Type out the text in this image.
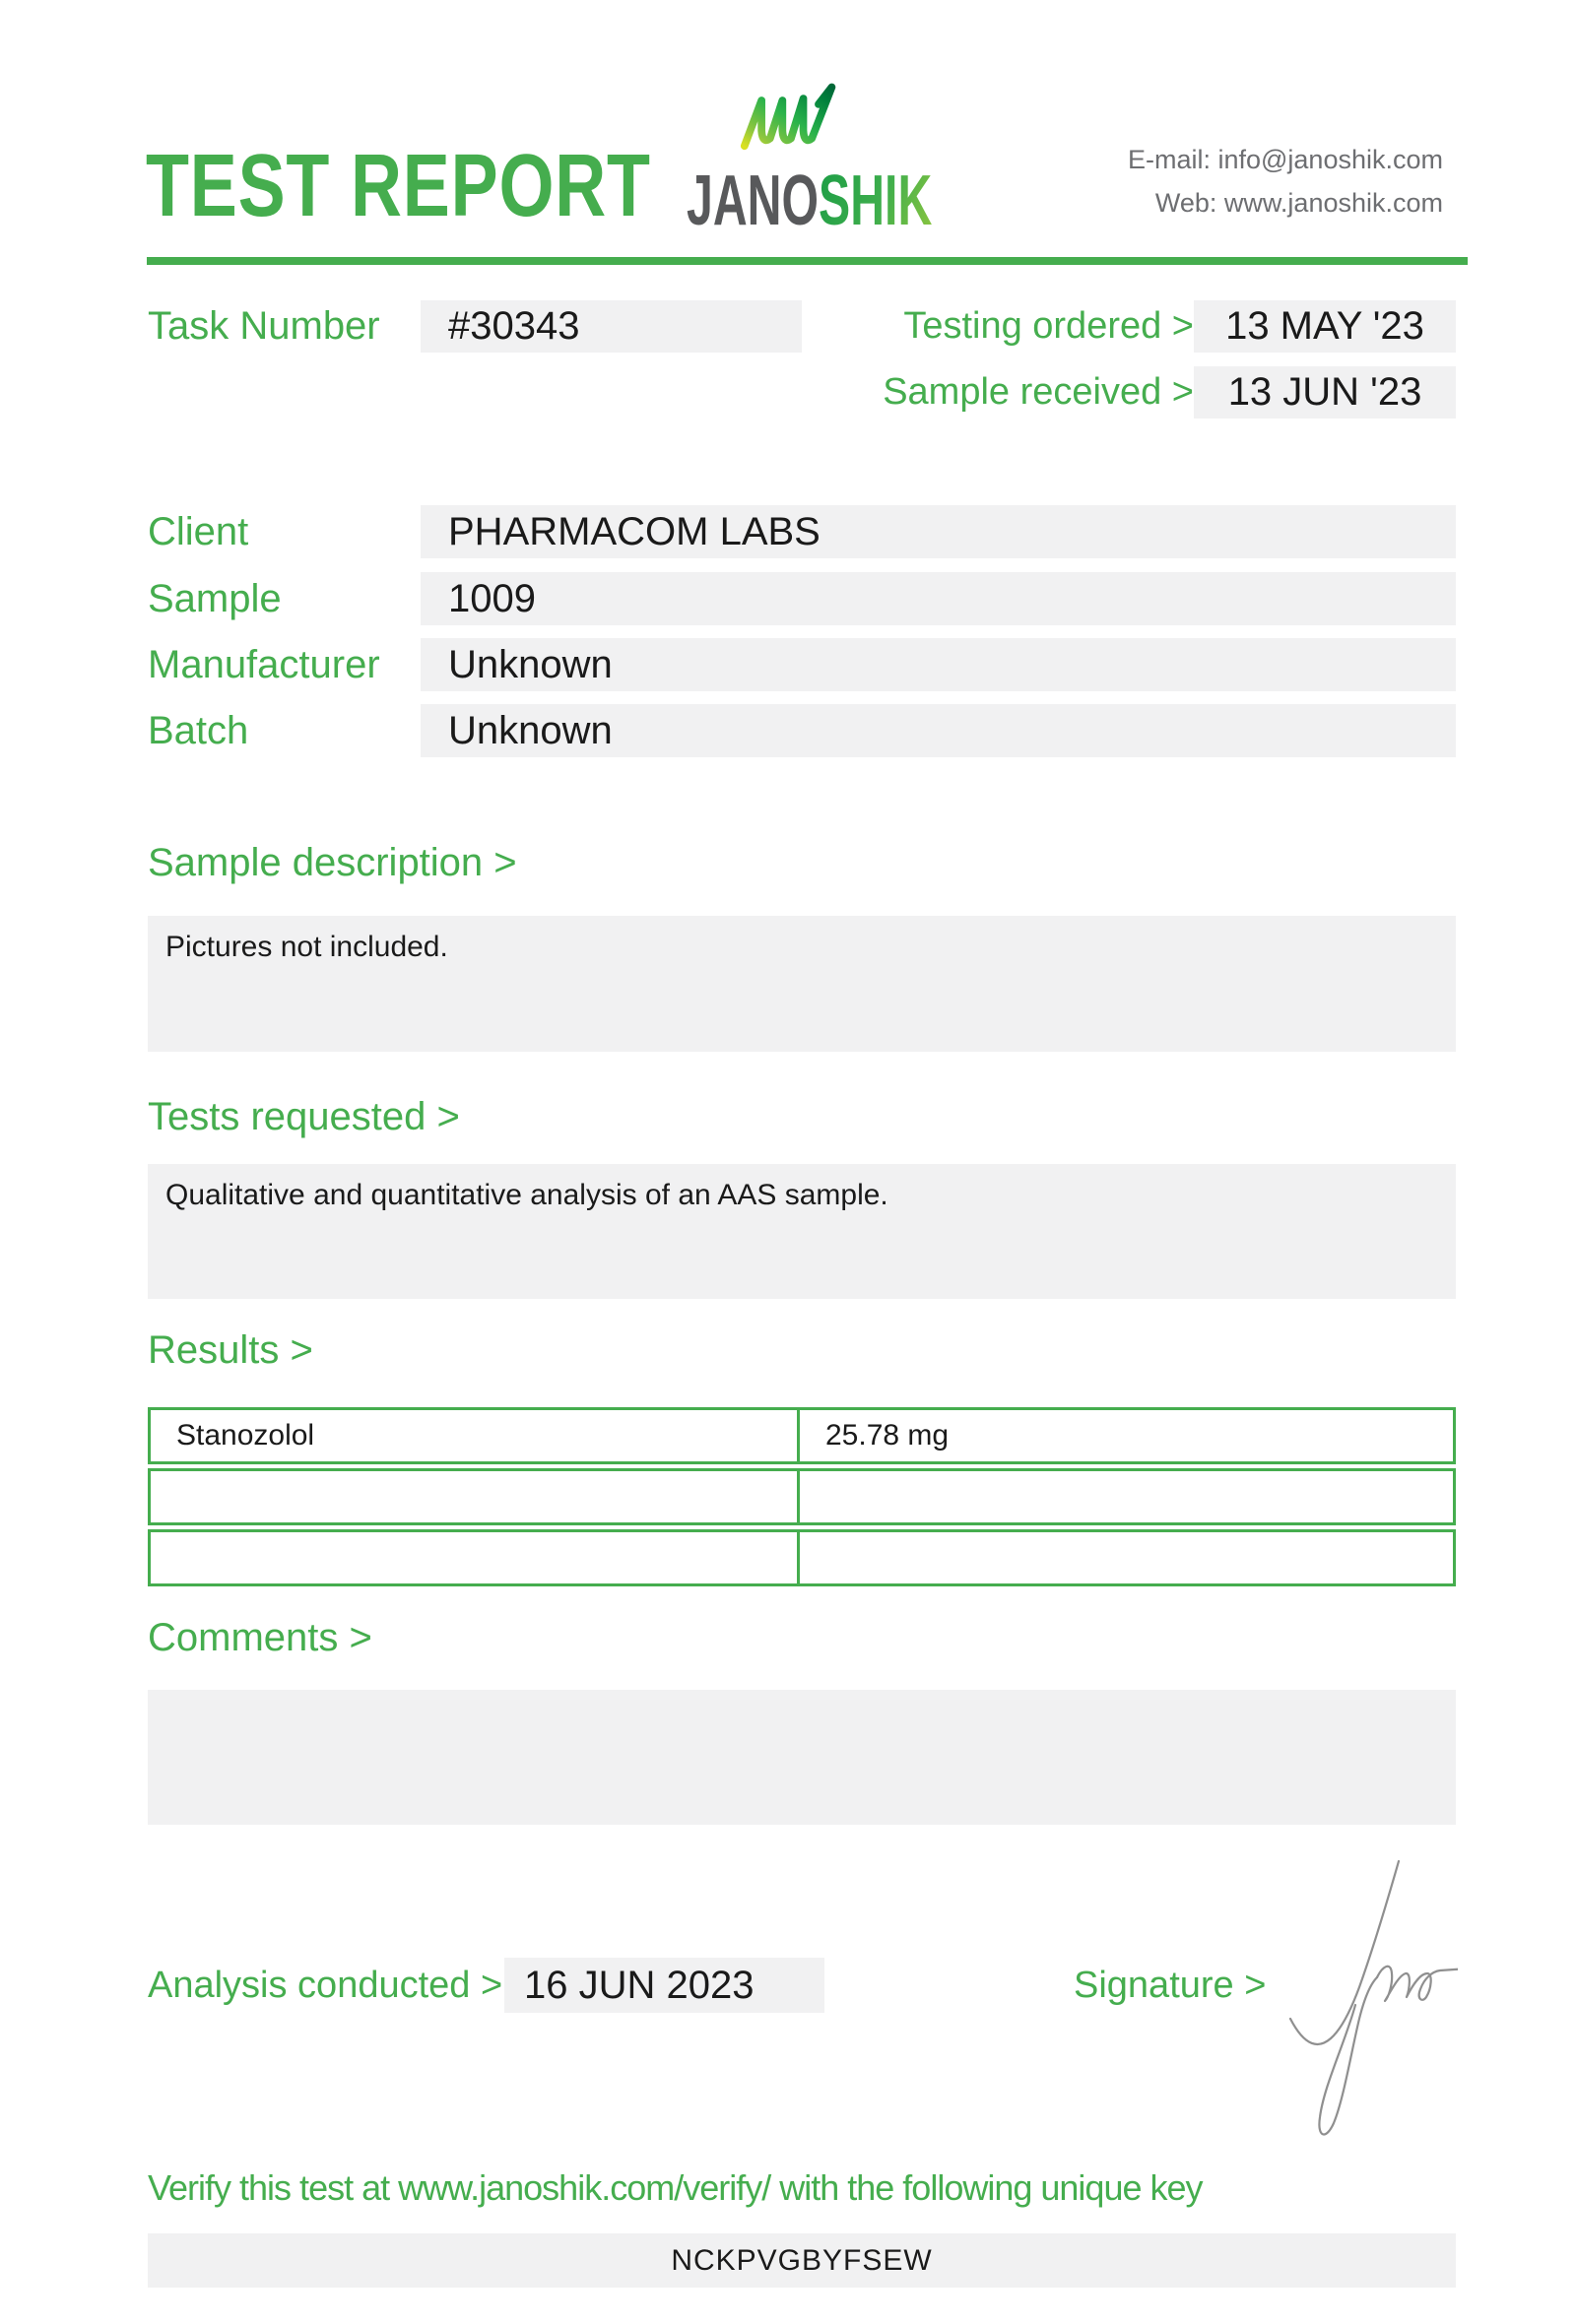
TEST REPORT JANOSHIK
E-mail: info@janoshik.com
Web: www.janoshik.com
Task Number	#30343	Testing ordered > 13 MAY '23
Sample received > 13 JUN '23
Client	PHARMACOM LABS
Sample	1009
Manufacturer	Unknown
Batch	Unknown
Sample description >
Pictures not included.
Tests requested >
Qualitative and quantitative analysis of an AAS sample.
Results >
Stanozolol	25.78 mg
Comments >
Analysis conducted > 16 JUN 2023	Signature >
Verify this test at www.janoshik.com/verify/ with the following unique key
NCKPVGBYFSEW
